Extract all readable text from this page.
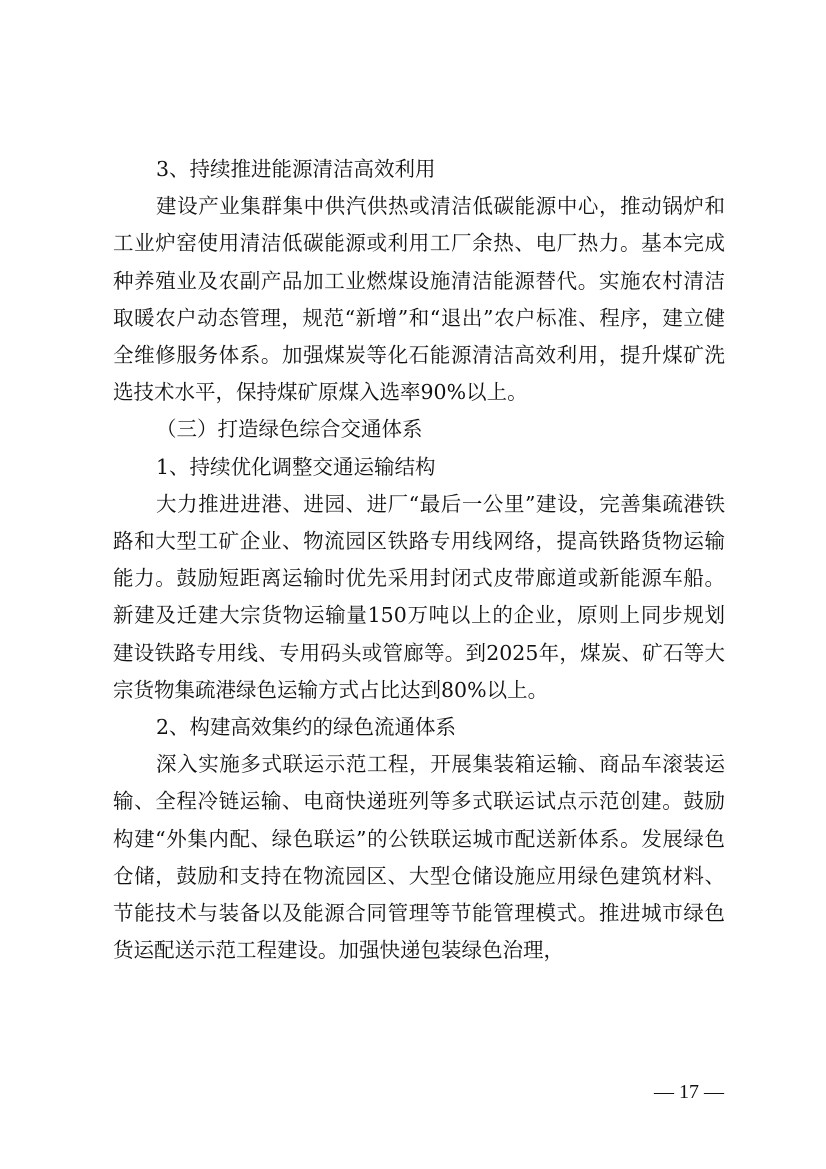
3、持续推进能源清洁高效利用

建设产业集群集中供汽供热或清洁低碳能源中心，推动锅炉和工业炉窑使用清洁低碳能源或利用工厂余热、电厂热力。基本完成种养殖业及农副产品加工业燃煤设施清洁能源替代。实施农村清洁取暖农户动态管理，规范“新增”和“退出”农户标准、程序，建立健全维修服务体系。加强煤炭等化石能源清洁高效利用，提升煤矿洗选技术水平，保持煤矿原煤入选率90%以上。

（三）打造绿色综合交通体系

1、持续优化调整交通运输结构

大力推进进港、进园、进厂“最后一公里”建设，完善集疏港铁路和大型工矿企业、物流园区铁路专用线网络，提高铁路货物运输能力。鼓励短距离运输时优先采用封闭式皮带廊道或新能源车船。新建及迁建大宗货物运输量150万吨以上的企业，原则上同步规划建设铁路专用线、专用码头或管廊等。到2025年，煤炭、矿石等大宗货物集疏港绿色运输方式占比达到80%以上。

2、构建高效集约的绿色流通体系

深入实施多式联运示范工程，开展集装箱运输、商品车滚装运输、全程冷链运输、电商快递班列等多式联运试点示范创建。鼓励构建“外集内配、绿色联运”的公铁联运城市配送新体系。发展绿色仓储，鼓励和支持在物流园区、大型仓储设施应用绿色建筑材料、节能技术与装备以及能源合同管理等节能管理模式。推进城市绿色货运配送示范工程建设。加强快递包装绿色治理，

— 17 —
